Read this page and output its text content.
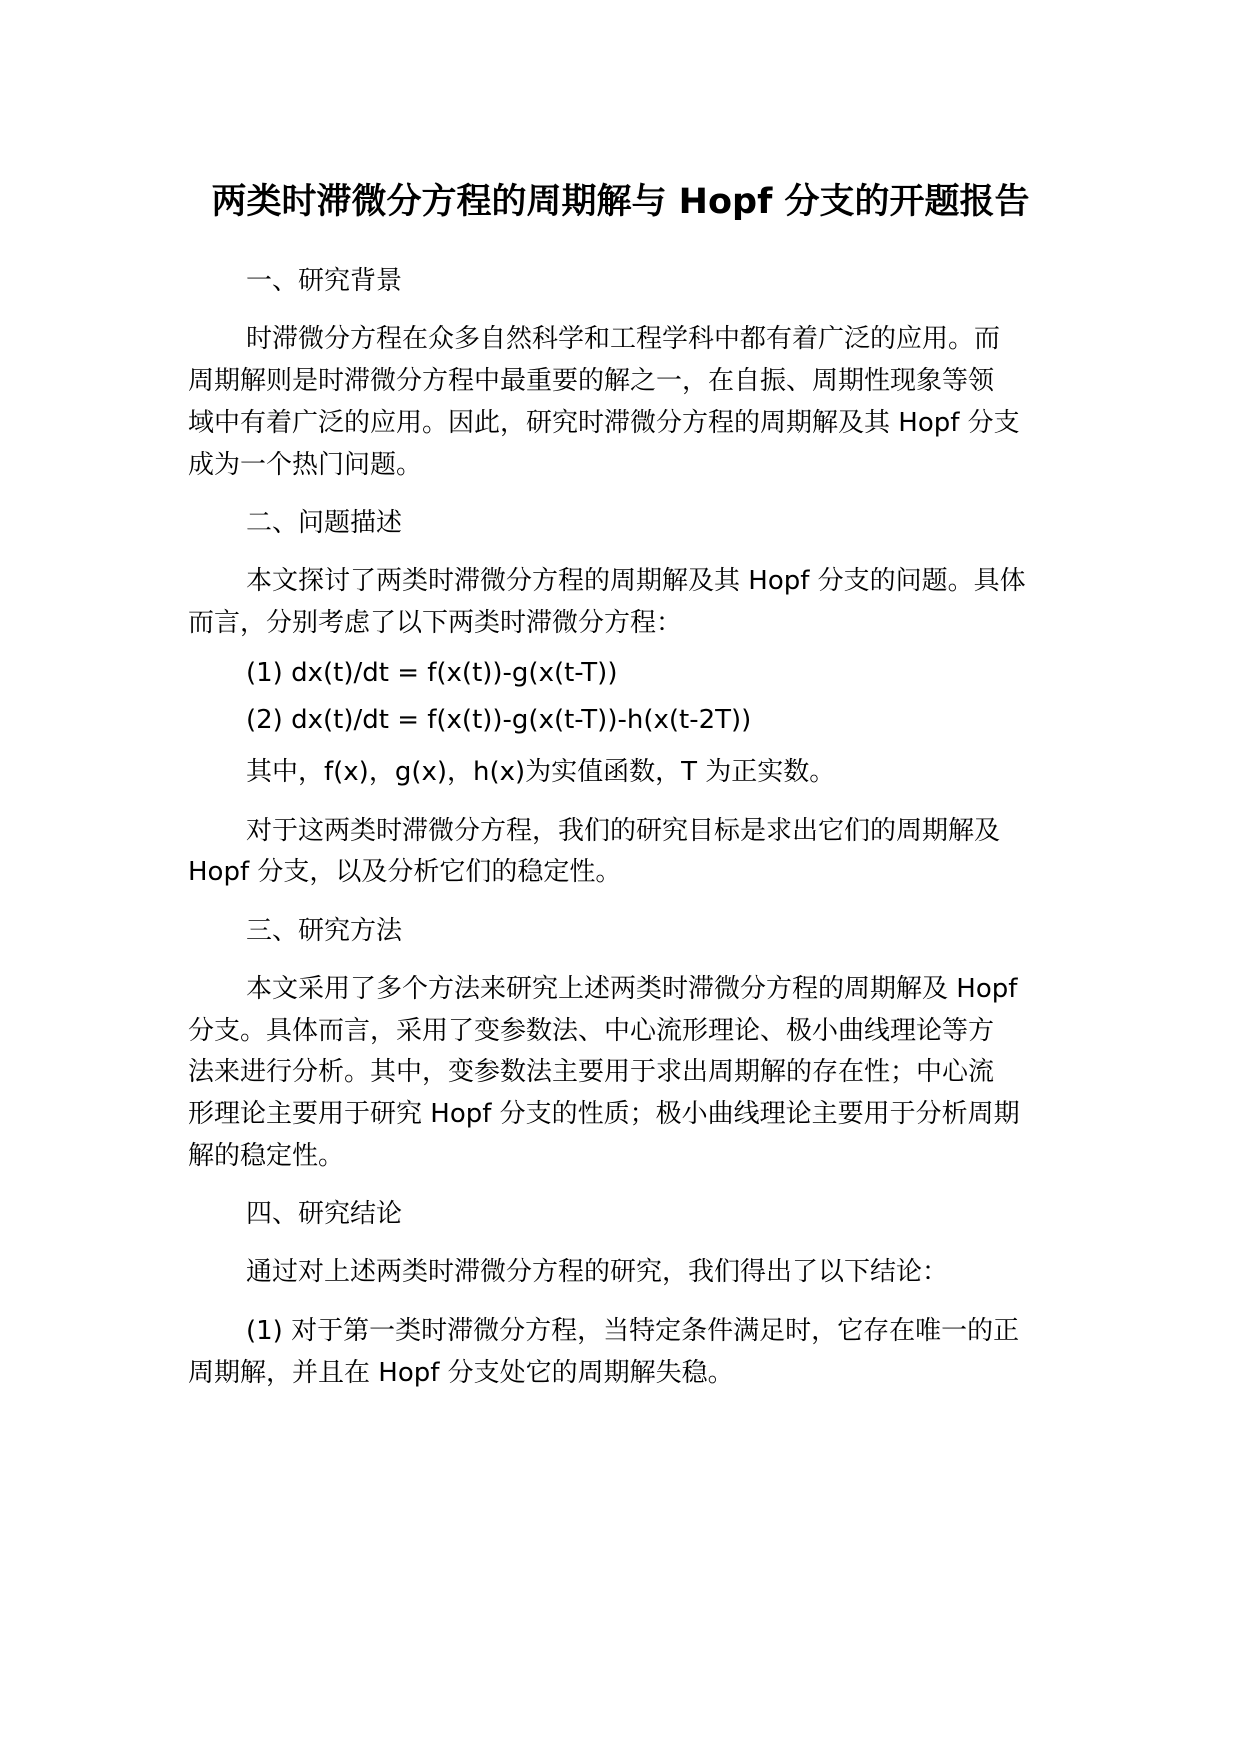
两类时滞微分方程的周期解与 Hopf 分支的开题报告
一、研究背景
时滞微分方程在众多自然科学和工程学科中都有着广泛的应用。而
周期解则是时滞微分方程中最重要的解之一，在自振、周期性现象等领
域中有着广泛的应用。因此，研究时滞微分方程的周期解及其 Hopf 分支
成为一个热门问题。
二、问题描述
本文探讨了两类时滞微分方程的周期解及其 Hopf 分支的问题。具体
而言，分别考虑了以下两类时滞微分方程：
(1) dx(t)/dt = f(x(t))-g(x(t-T))
(2) dx(t)/dt = f(x(t))-g(x(t-T))-h(x(t-2T))
其中，f(x)，g(x)，h(x)为实值函数，T 为正实数。
对于这两类时滞微分方程，我们的研究目标是求出它们的周期解及
Hopf 分支，以及分析它们的稳定性。
三、研究方法
本文采用了多个方法来研究上述两类时滞微分方程的周期解及 Hopf
分支。具体而言，采用了变参数法、中心流形理论、极小曲线理论等方
法来进行分析。其中，变参数法主要用于求出周期解的存在性；中心流
形理论主要用于研究 Hopf 分支的性质；极小曲线理论主要用于分析周期
解的稳定性。
四、研究结论
通过对上述两类时滞微分方程的研究，我们得出了以下结论：
(1) 对于第一类时滞微分方程，当特定条件满足时，它存在唯一的正
周期解，并且在 Hopf 分支处它的周期解失稳。
